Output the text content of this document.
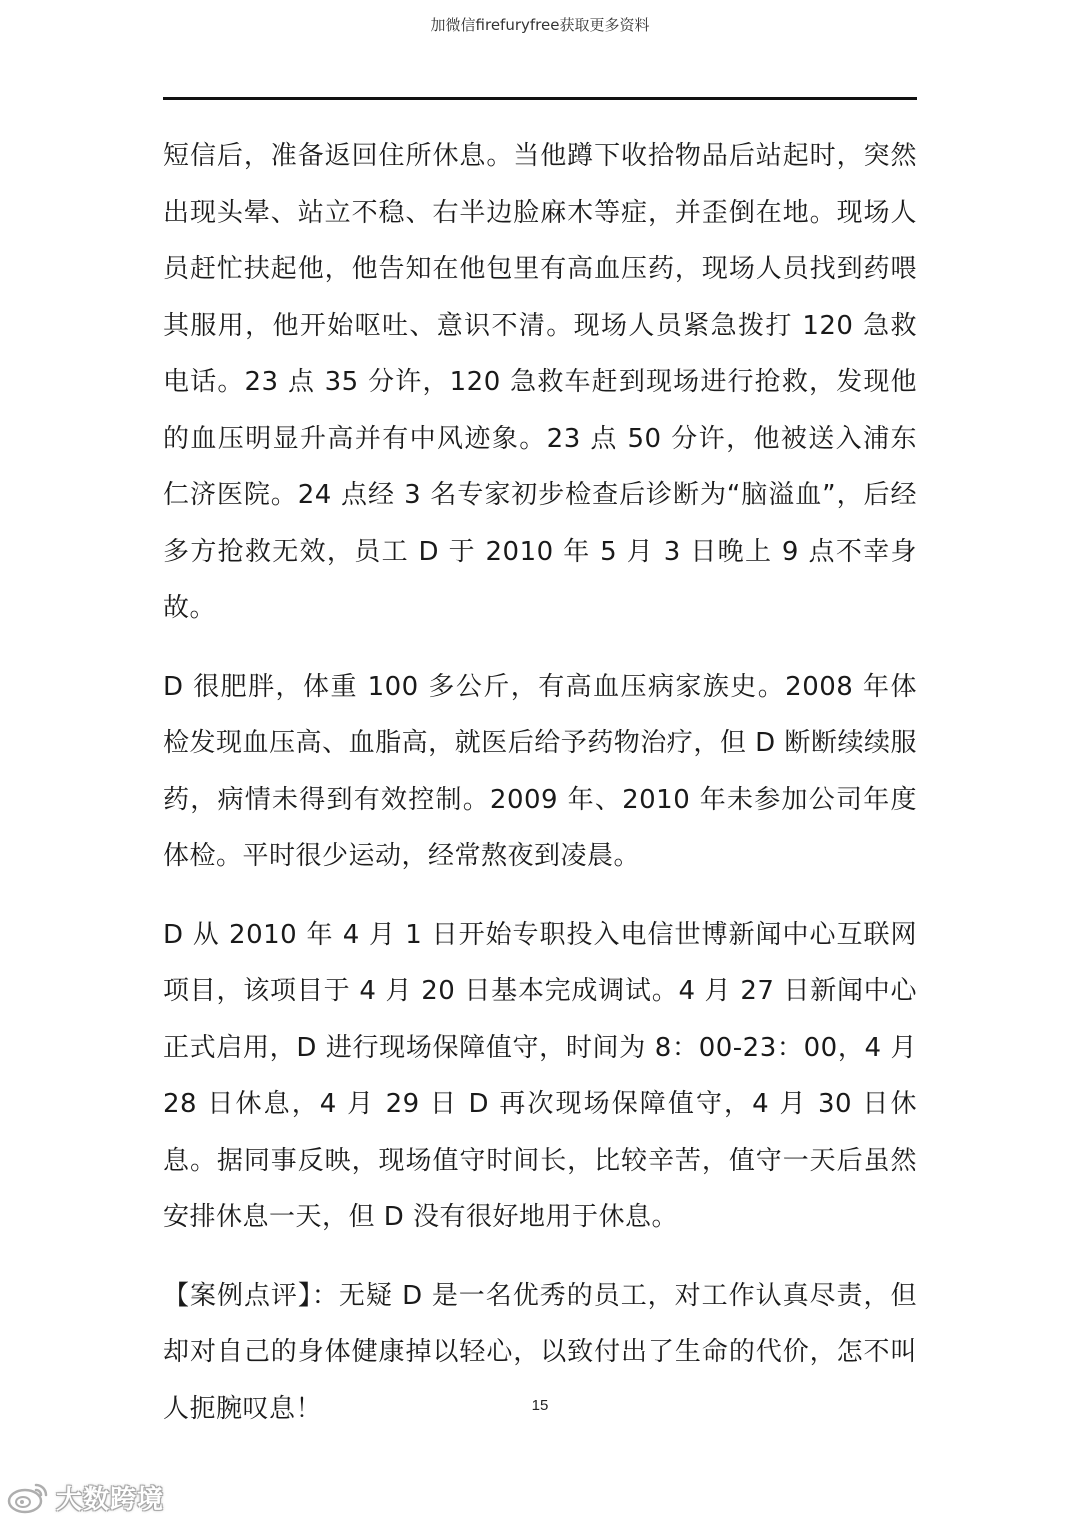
加微信firefuryfree获取更多资料

短信后，准备返回住所休息。当他蹲下收拾物品后站起时，突然出现头晕、站立不稳、右半边脸麻木等症，并歪倒在地。现场人员赶忙扶起他，他告知在他包里有高血压药，现场人员找到药喂其服用，他开始呕吐、意识不清。现场人员紧急拨打 120 急救电话。23 点 35 分许，120 急救车赶到现场进行抢救，发现他的血压明显升高并有中风迹象。23 点 50 分许，他被送入浦东仁济医院。24 点经 3 名专家初步检查后诊断为“脑溢血”，后经多方抢救无效，员工 D 于 2010 年 5 月 3 日晚上 9 点不幸身故。

D 很肥胖，体重 100 多公斤，有高血压病家族史。2008 年体检发现血压高、血脂高，就医后给予药物治疗，但 D 断断续续服药，病情未得到有效控制。2009 年、2010 年未参加公司年度体检。平时很少运动，经常熬夜到凌晨。

D 从 2010 年 4 月 1 日开始专职投入电信世博新闻中心互联网项目，该项目于 4 月 20 日基本完成调试。4 月 27 日新闻中心正式启用，D 进行现场保障值守，时间为 8：00-23：00，4 月 28 日休息，4 月 29 日 D 再次现场保障值守，4 月 30 日休息。据同事反映，现场值守时间长，比较辛苦，值守一天后虽然安排休息一天，但 D 没有很好地用于休息。

【案例点评】：无疑 D 是一名优秀的员工，对工作认真尽责，但却对自己的身体健康掉以轻心，以致付出了生命的代价，怎不叫人扼腕叹息！	15
大数跨境
